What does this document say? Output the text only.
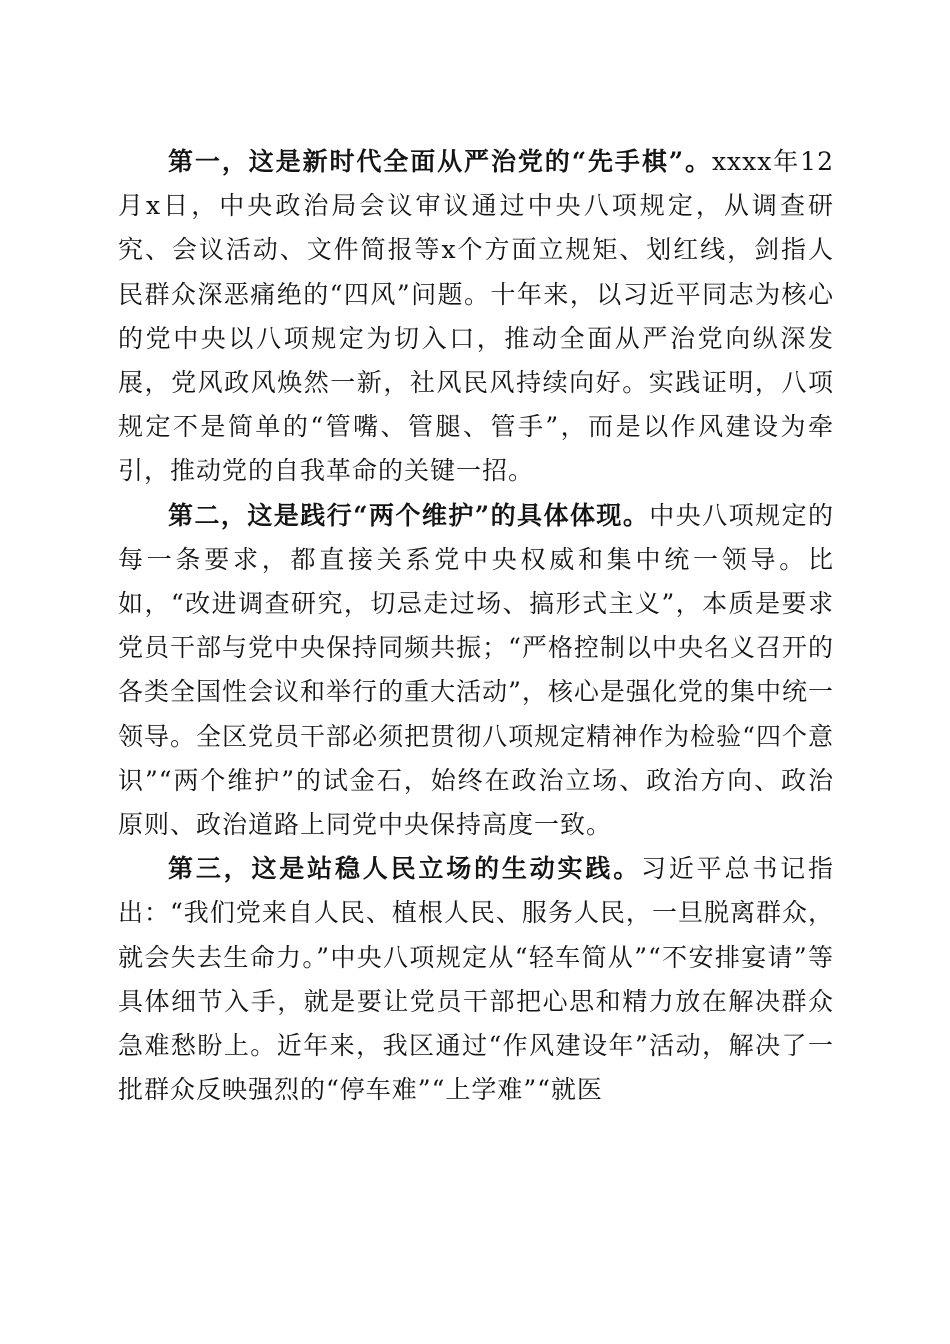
第一，这是新时代全面从严治党的“先手棋”。xxxx年12月x日，中央政治局会议审议通过中央八项规定，从调查研究、会议活动、文件简报等x个方面立规矩、划红线，剑指人民群众深恶痛绝的“四风”问题。十年来，以习近平同志为核心的党中央以八项规定为切入口，推动全面从严治党向纵深发展，党风政风焕然一新，社风民风持续向好。实践证明，八项规定不是简单的“管嘴、管腿、管手”，而是以作风建设为牵引，推动党的自我革命的关键一招。

第二，这是践行“两个维护”的具体体现。中央八项规定的每一条要求，都直接关系党中央权威和集中统一领导。比如，“改进调查研究，切忌走过场、搞形式主义”，本质是要求党员干部与党中央保持同频共振；“严格控制以中央名义召开的各类全国性会议和举行的重大活动”，核心是强化党的集中统一领导。全区党员干部必须把贯彻八项规定精神作为检验“四个意识”“两个维护”的试金石，始终在政治立场、政治方向、政治原则、政治道路上同党中央保持高度一致。

第三，这是站稳人民立场的生动实践。习近平总书记指出：“我们党来自人民、植根人民、服务人民，一旦脱离群众，就会失去生命力。”中央八项规定从“轻车简从”“不安排宴请”等具体细节入手，就是要让党员干部把心思和精力放在解决群众急难愁盼上。近年来，我区通过“作风建设年”活动，解决了一批群众反映强烈的“停车难”“上学难”“就医
